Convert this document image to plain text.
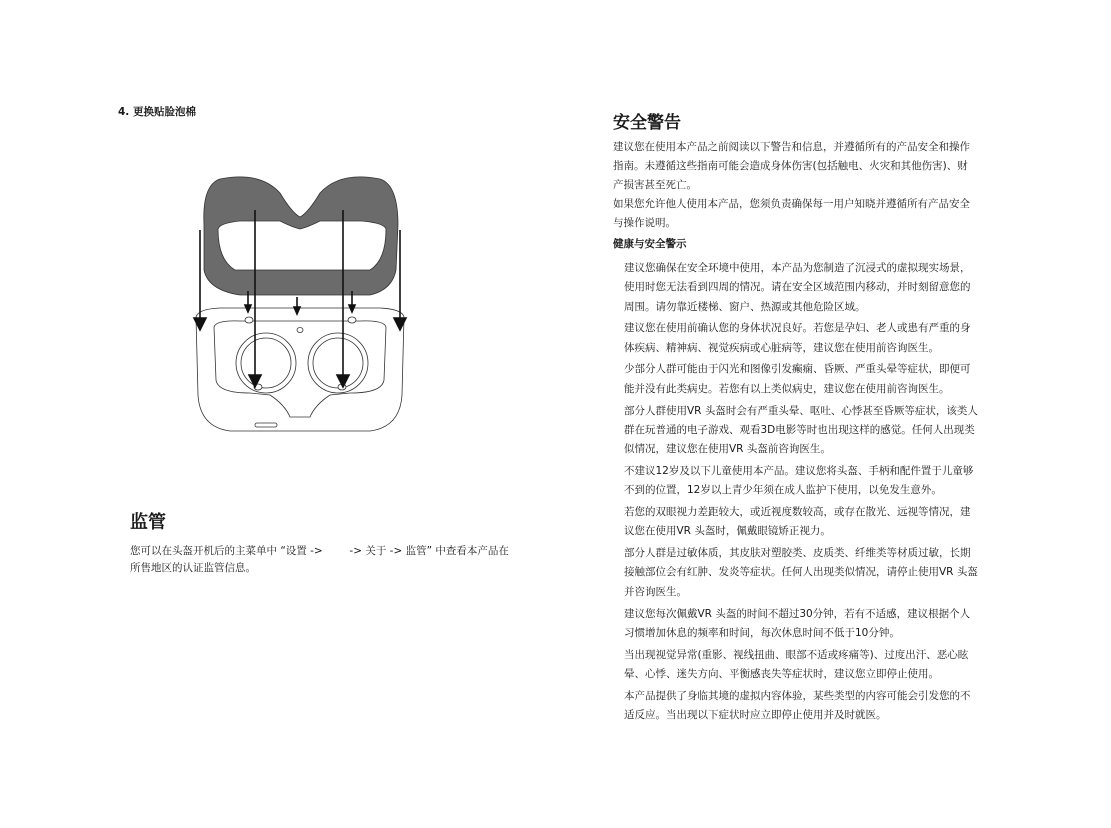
4. 更换贴脸泡棉
监管
您可以在头盔开机后的主菜单中 “设置 ->        -> 关于 -> 监管” 中查看本产品在所售地区的认证监管信息。
安全警告

建议您在使用本产品之前阅读以下警告和信息，并遵循所有的产品安全和操作指南。未遵循这些指南可能会造成身体伤害(包括触电、火灾和其他伤害)、财产损害甚至死亡。

如果您允许他人使用本产品，您须负责确保每一用户知晓并遵循所有产品安全与操作说明。

健康与安全警示

建议您确保在安全环境中使用，本产品为您制造了沉浸式的虚拟现实场景，使用时您无法看到四周的情况。请在安全区域范围内移动，并时刻留意您的周围。请勿靠近楼梯、窗户、热源或其他危险区域。

建议您在使用前确认您的身体状况良好。若您是孕妇、老人或患有严重的身体疾病、精神病、视觉疾病或心脏病等，建议您在使用前咨询医生。

少部分人群可能由于闪光和图像引发癫痫、昏厥、严重头晕等症状，即便可能并没有此类病史。若您有以上类似病史，建议您在使用前咨询医生。

部分人群使用VR 头盔时会有严重头晕、呕吐、心悸甚至昏厥等症状，该类人群在玩普通的电子游戏、观看3D电影等时也出现这样的感觉。任何人出现类似情况，建议您在使用VR 头盔前咨询医生。

不建议12岁及以下儿童使用本产品。建议您将头盔、手柄和配件置于儿童够不到的位置，12岁以上青少年须在成人监护下使用，以免发生意外。

若您的双眼视力差距较大，或近视度数较高，或存在散光、远视等情况，建议您在使用VR 头盔时，佩戴眼镜矫正视力。

部分人群是过敏体质，其皮肤对塑胶类、皮质类、纤维类等材质过敏，长期接触部位会有红肿、发炎等症状。任何人出现类似情况，请停止使用VR 头盔并咨询医生。

建议您每次佩戴VR 头盔的时间不超过30分钟，若有不适感，建议根据个人习惯增加休息的频率和时间，每次休息时间不低于10分钟。

当出现视觉异常(重影、视线扭曲、眼部不适或疼痛等)、过度出汗、恶心眩晕、心悸、迷失方向、平衡感丧失等症状时，建议您立即停止使用。

本产品提供了身临其境的虚拟内容体验，某些类型的内容可能会引发您的不适反应。当出现以下症状时应立即停止使用并及时就医。
